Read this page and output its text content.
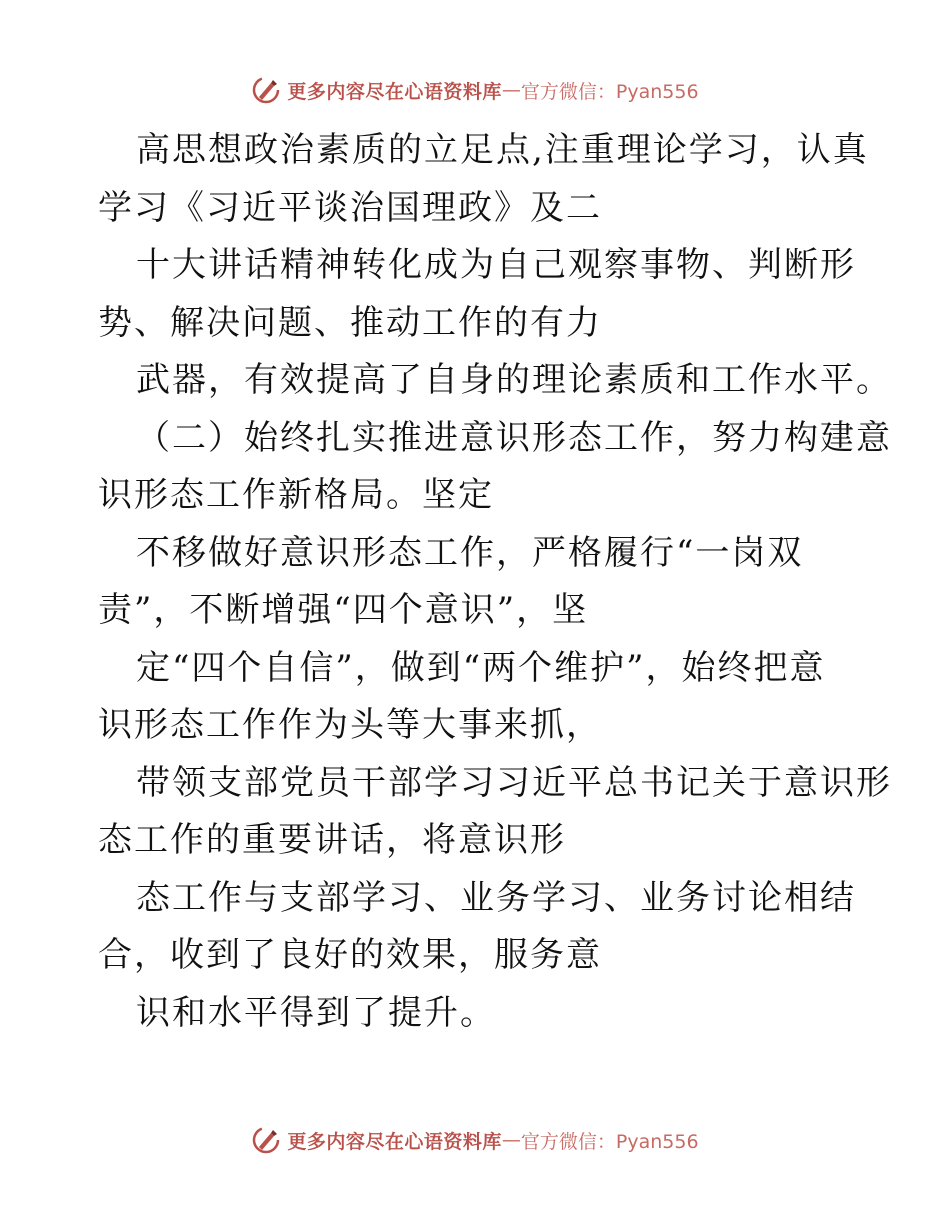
更多内容尽在心语资料库 — 官方微信：Pyan556
高思想政治素质的立足点,注重理论学习，认真
学习《习近平谈治国理政》及二
十大讲话精神转化成为自己观察事物、判断形
势、解决问题、推动工作的有力
武器，有效提高了自身的理论素质和工作水平。
（二）始终扎实推进意识形态工作，努力构建意
识形态工作新格局。坚定
不移做好意识形态工作，严格履行“一岗双
责”，不断增强“四个意识”，坚
定“四个自信”，做到“两个维护”，始终把意
识形态工作作为头等大事来抓，
带领支部党员干部学习习近平总书记关于意识形
态工作的重要讲话，将意识形
态工作与支部学习、业务学习、业务讨论相结
合，收到了良好的效果，服务意
识和水平得到了提升。
更多内容尽在心语资料库 — 官方微信：Pyan556
